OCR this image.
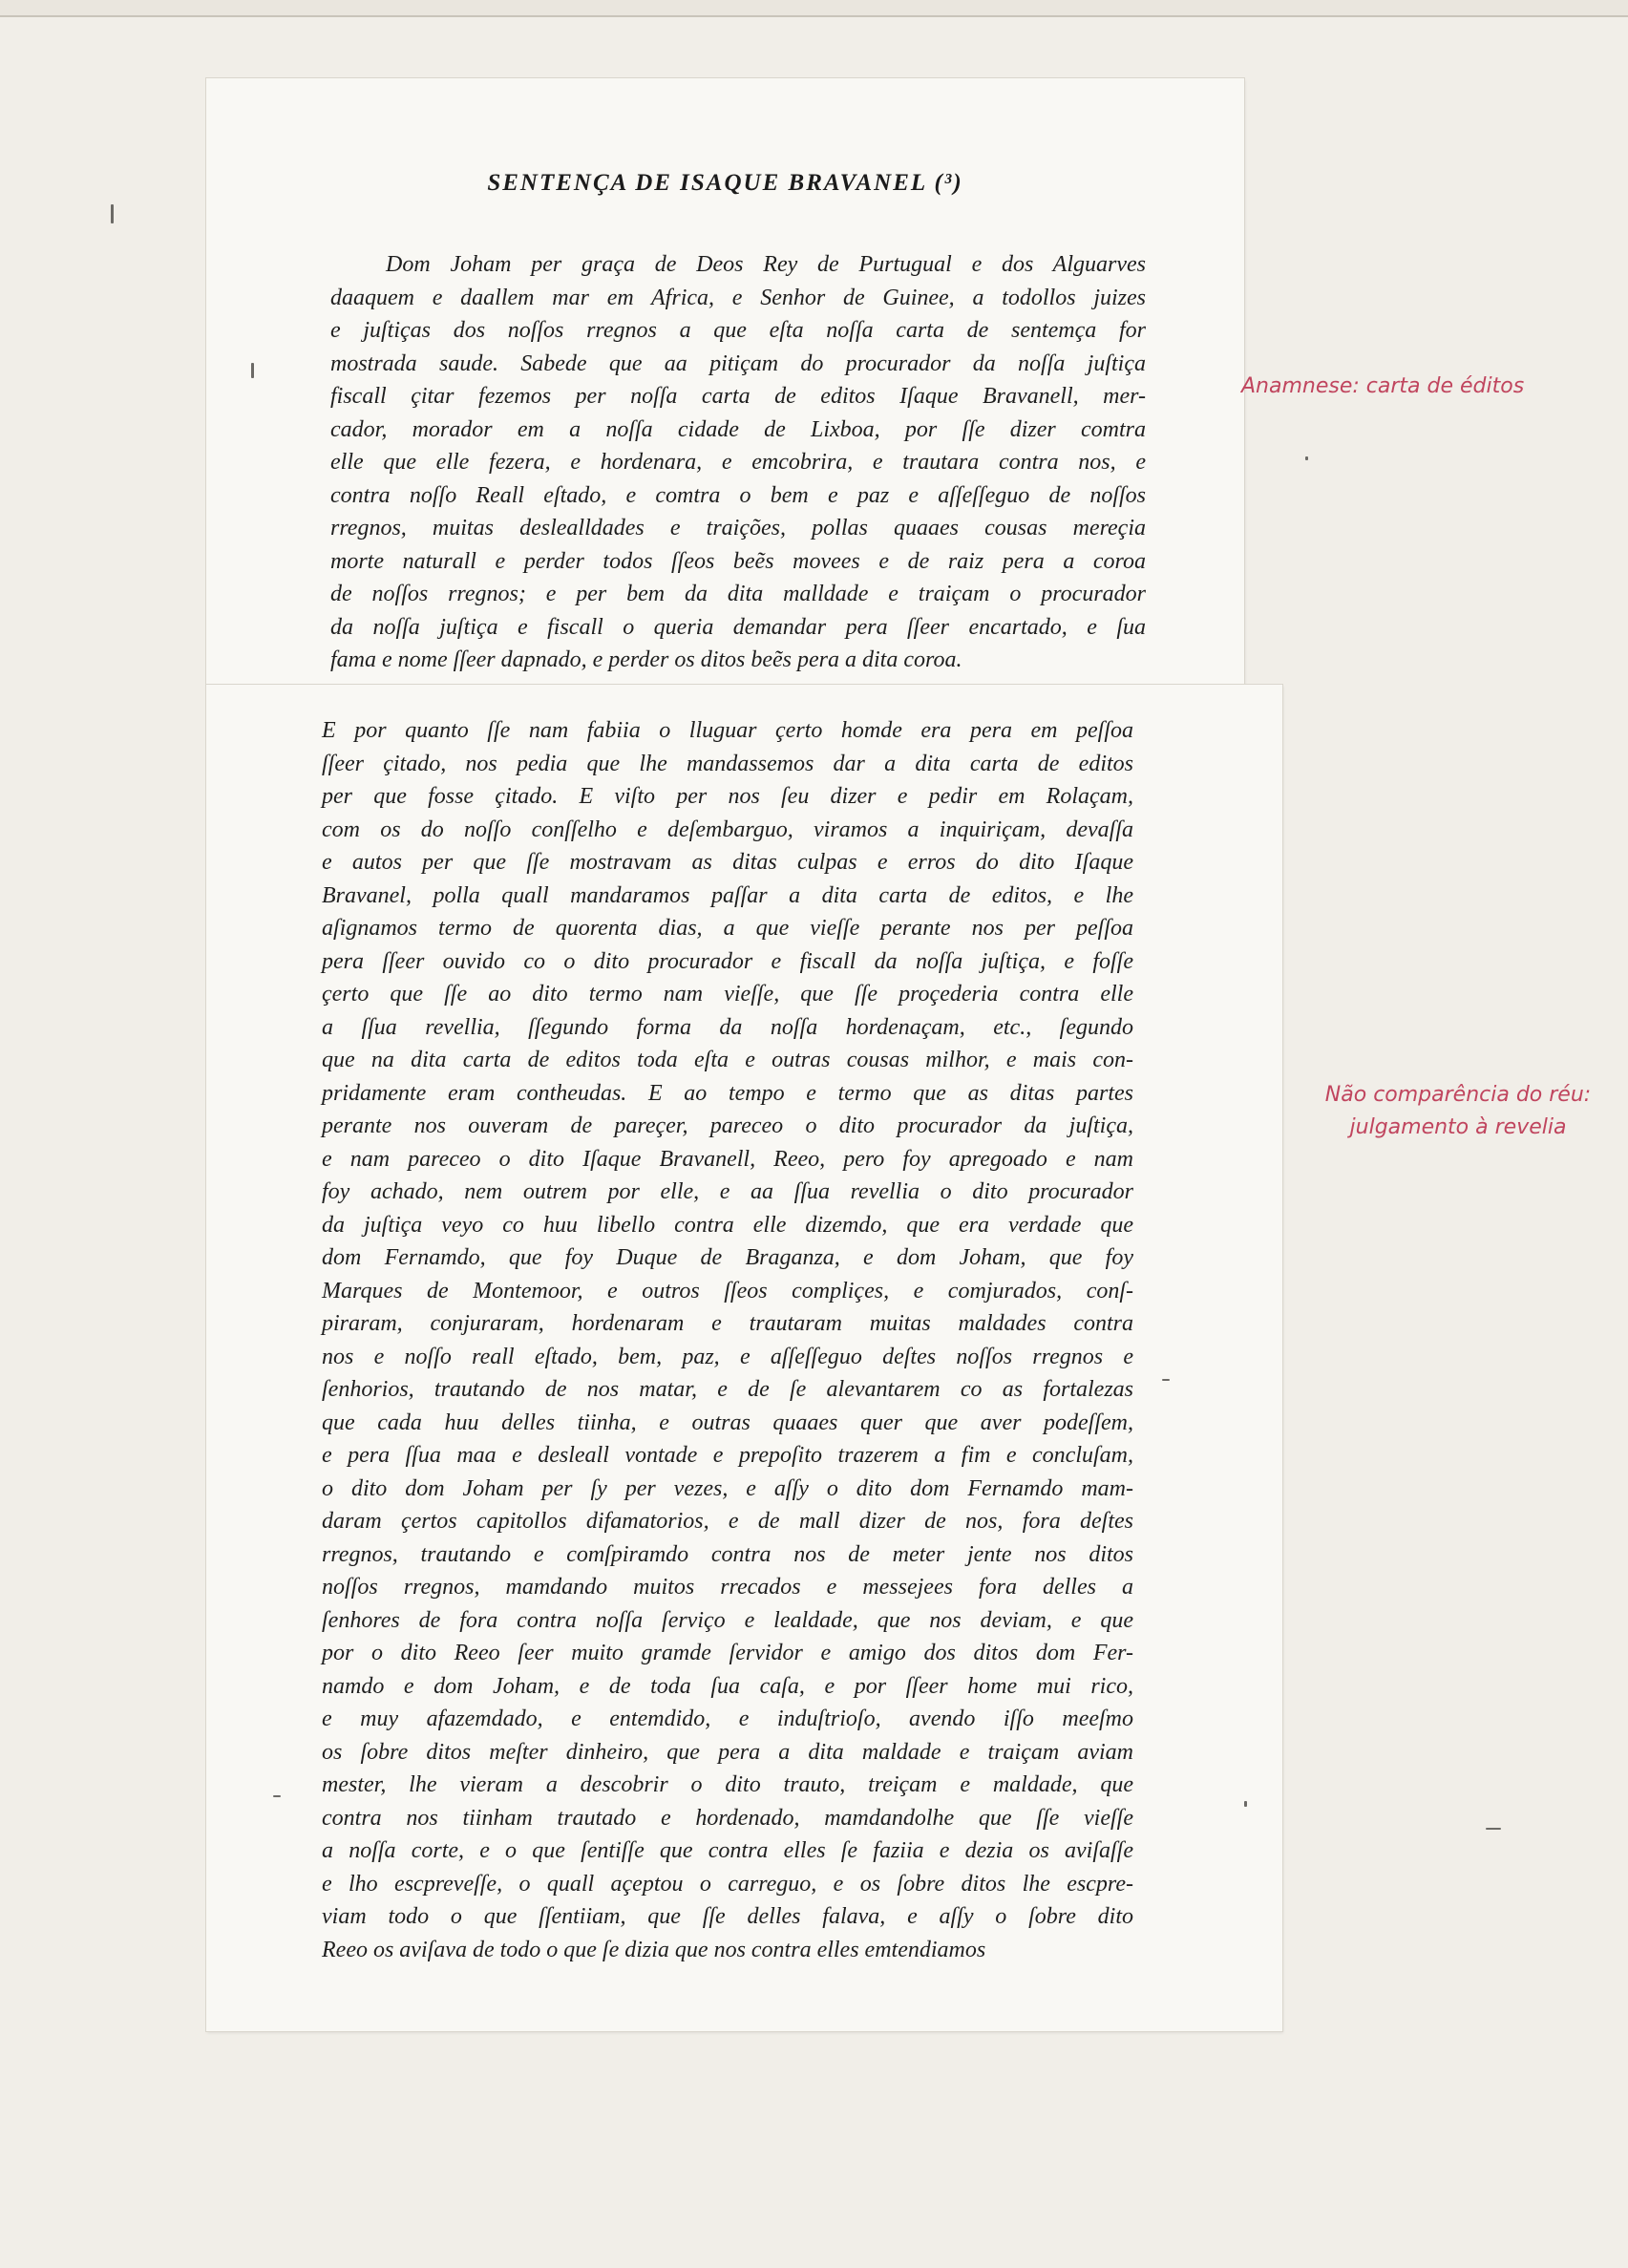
SENTENÇA DE ISAQUE BRAVANEL (³)
Dom Joham per graça de Deos Rey de Purtugual e dos Alguarves
daaquem e daallem mar em Africa, e Senhor de Guinee, a todollos juizes
e juſtiças dos noſſos rregnos a que eſta noſſa carta de sentemça for
mostrada saude. Sabede que aa pitiçam do procurador da noſſa juſtiça
fiscall çitar fezemos per noſſa carta de editos Iſaque Bravanell, mer-
cador, morador em a noſſa cidade de Lixboa, por ſſe dizer comtra
elle que elle fezera, e hordenara, e emcobrira, e trautara contra nos, e
contra noſſo Reall eſtado, e comtra o bem e paz e aſſeſſeguo de noſſos
rregnos, muitas deslealldades e traições, pollas quaaes cousas mereçia
morte naturall e perder todos ſſeos beẽs movees e de raiz pera a coroa
de noſſos rregnos; e per bem da dita malldade e traiçam o procurador
da noſſa juſtiça e fiscall o queria demandar pera ſſeer encartado, e ſua
fama e nome ſſeer dapnado, e perder os ditos beẽs pera a dita coroa.
E por quanto ſſe nam fabiia o lluguar çerto homde era pera em peſſoa
ſſeer çitado, nos pedia que lhe mandassemos dar a dita carta de editos
per que fosse çitado. E viſto per nos ſeu dizer e pedir em Rolaçam,
com os do noſſo conſſelho e deſembarguo, viramos a inquiriçam, devaſſa
e autos per que ſſe mostravam as ditas culpas e erros do dito Iſaque
Bravanel, polla quall mandaramos paſſar a dita carta de editos, e lhe
aſignamos termo de quorenta dias, a que vieſſe perante nos per peſſoa
pera ſſeer ouvido co o dito procurador e fiscall da noſſa juſtiça, e foſſe
çerto que ſſe ao dito termo nam vieſſe, que ſſe proçederia contra elle
a ſſua revellia, ſſegundo forma da noſſa hordenaçam, etc., ſegundo
que na dita carta de editos toda eſta e outras cousas milhor, e mais con-
pridamente eram contheudas. E ao tempo e termo que as ditas partes
perante nos ouveram de pareçer, pareceo o dito procurador da juſtiça,
e nam pareceo o dito Iſaque Bravanell, Reeo, pero foy apregoado e nam
foy achado, nem outrem por elle, e aa ſſua revellia o dito procurador
da juſtiça veyo co huu libello contra elle dizemdo, que era verdade que
dom Fernamdo, que foy Duque de Braganza, e dom Joham, que foy
Marques de Montemoor, e outros ſſeos compliçes, e comjurados, conſ-
piraram, conjuraram, hordenaram e trautaram muitas maldades contra
nos e noſſo reall eſtado, bem, paz, e aſſeſſeguo deſtes noſſos rregnos e
ſenhorios, trautando de nos matar, e de ſe alevantarem co as fortalezas
que cada huu delles tiinha, e outras quaaes quer que aver podeſſem,
e pera ſſua maa e desleall vontade e prepoſito trazerem a fim e concluſam,
o dito dom Joham per ſy per vezes, e aſſy o dito dom Fernamdo mam-
daram çertos capitollos difamatorios, e de mall dizer de nos, fora deſtes
rregnos, trautando e comſpiramdo contra nos de meter jente nos ditos
noſſos rregnos, mamdando muitos rrecados e messejees fora delles a
ſenhores de fora contra noſſa ſerviço e lealdade, que nos deviam, e que
por o dito Reeo ſeer muito gramde ſervidor e amigo dos ditos dom Fer-
namdo e dom Joham, e de toda ſua caſa, e por ſſeer home mui rico,
e muy afazemdado, e entemdido, e induſtrioſo, avendo iſſo meeſmo
os ſobre ditos meſter dinheiro, que pera a dita maldade e traiçam aviam
mester, lhe vieram a descobrir o dito trauto, treiçam e maldade, que
contra nos tiinham trautado e hordenado, mamdandolhe que ſſe vieſſe
a noſſa corte, e o que ſentiſſe que contra elles ſe faziia e dezia os aviſaſſe
e lho escpreveſſe, o quall açeptou o carreguo, e os ſobre ditos lhe escpre-
viam todo o que ſſentiiam, que ſſe delles falava, e aſſy o ſobre dito
Reeo os aviſava de todo o que ſe dizia que nos contra elles emtendiamos

Anamnese: carta de éditos

Não comparência do réu: julgamento à revelia
